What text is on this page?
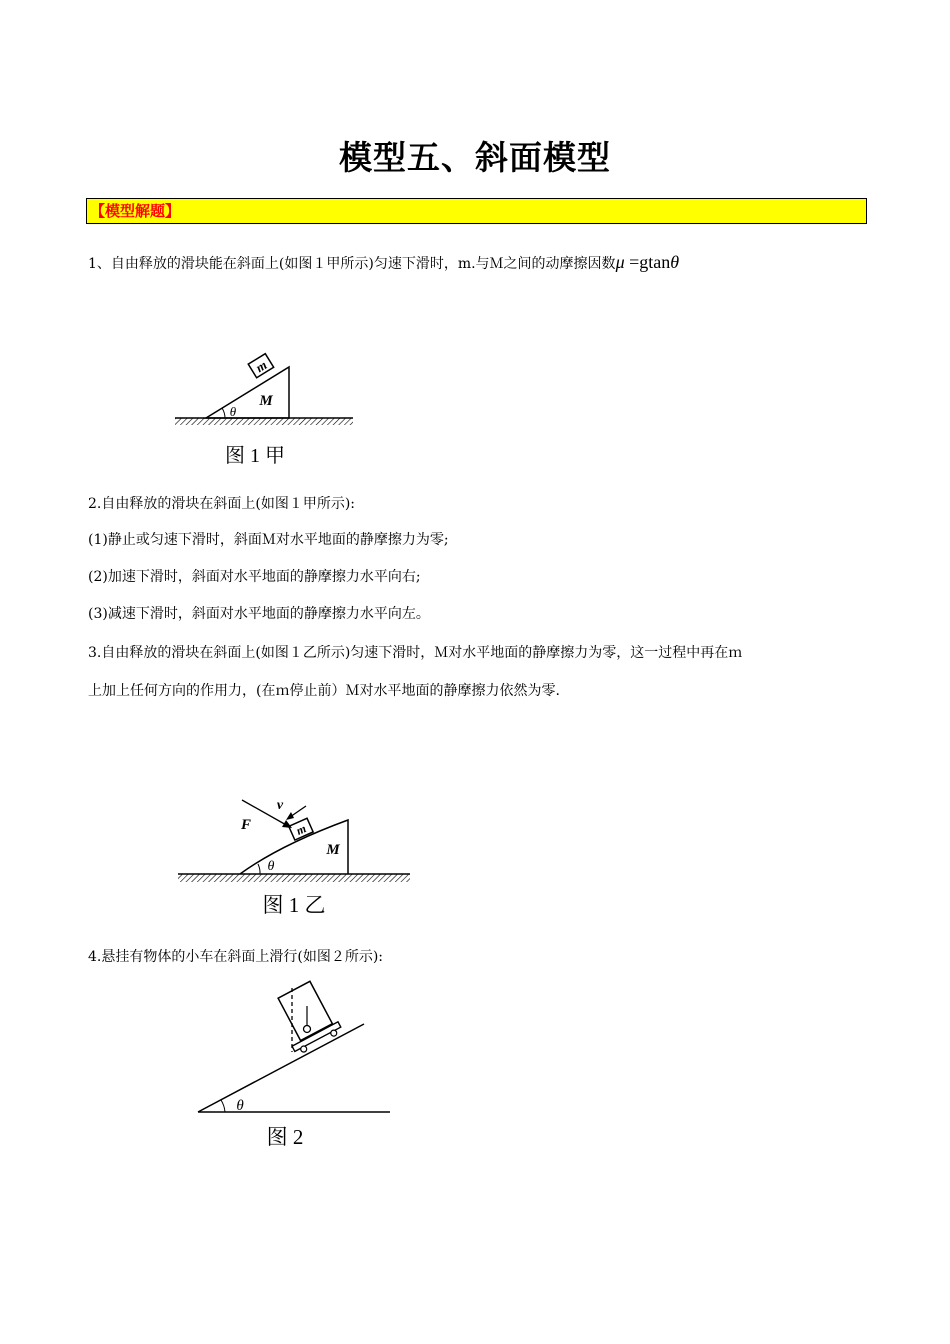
模型五、斜面模型
【模型解题】
1、自由释放的滑块能在斜面上(如图１甲所示)匀速下滑时，m.与Ｍ之间的动摩擦因数μ =gtanθ
m
M
θ
图 1 甲
2.自由释放的滑块在斜面上(如图１甲所示):
(1)静止或匀速下滑时，斜面Ｍ对水平地面的静摩擦力为零;
(2)加速下滑时，斜面对水平地面的静摩擦力水平向右;
(3)减速下滑时，斜面对水平地面的静摩擦力水平向左。
3.自由释放的滑块在斜面上(如图１乙所示)匀速下滑时，Ｍ对水平地面的静摩擦力为零，这一过程中再在ｍ
上加上任何方向的作用力，(在ｍ停止前）Ｍ对水平地面的静摩擦力依然为零.
m
F
v
M
θ
图 1 乙
4.悬挂有物体的小车在斜面上滑行(如图２所示):
θ
图 2
